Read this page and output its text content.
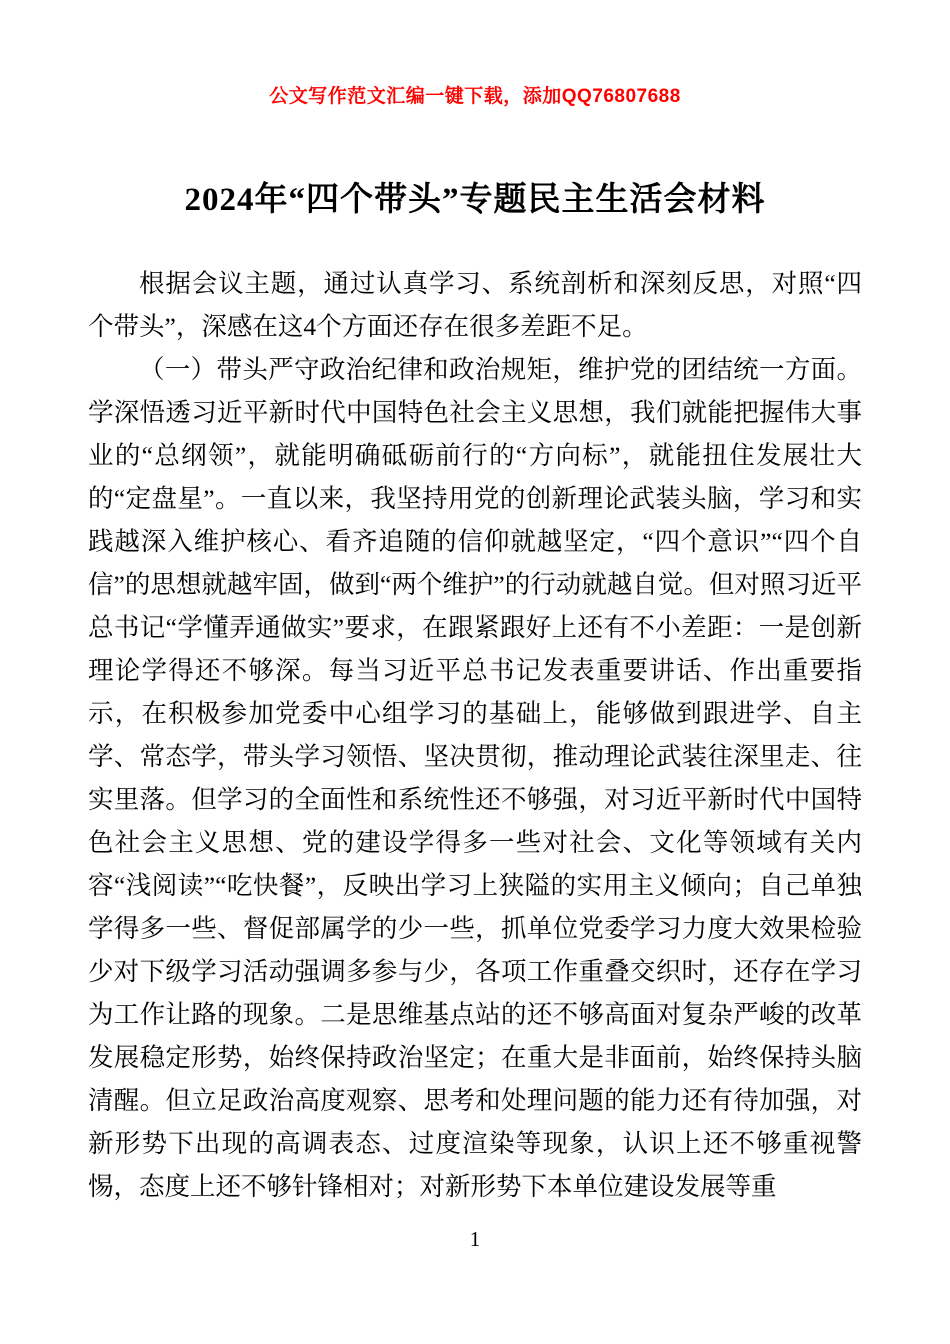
公文写作范文汇编一键下载，添加QQ76807688
2024年“四个带头”专题民主生活会材料

根据会议主题，通过认真学习、系统剖析和深刻反思，对照“四个带头”，深感在这4个方面还存在很多差距不足。

（一）带头严守政治纪律和政治规矩，维护党的团结统一方面。学深悟透习近平新时代中国特色社会主义思想，我们就能把握伟大事业的“总纲领”，就能明确砥砺前行的“方向标”，就能扭住发展壮大的“定盘星”。一直以来，我坚持用党的创新理论武装头脑，学习和实践越深入维护核心、看齐追随的信仰就越坚定，“四个意识”“四个自信”的思想就越牢固，做到“两个维护”的行动就越自觉。但对照习近平总书记“学懂弄通做实”要求，在跟紧跟好上还有不小差距：一是创新理论学得还不够深。每当习近平总书记发表重要讲话、作出重要指示，在积极参加党委中心组学习的基础上，能够做到跟进学、自主学、常态学，带头学习领悟、坚决贯彻，推动理论武装往深里走、往实里落。但学习的全面性和系统性还不够强，对习近平新时代中国特色社会主义思想、党的建设学得多一些对社会、文化等领域有关内容“浅阅读”“吃快餐”，反映出学习上狭隘的实用主义倾向；自己单独学得多一些、督促部属学的少一些，抓单位党委学习力度大效果检验少对下级学习活动强调多参与少，各项工作重叠交织时，还存在学习为工作让路的现象。二是思维基点站的还不够高面对复杂严峻的改革发展稳定形势，始终保持政治坚定；在重大是非面前，始终保持头脑清醒。但立足政治高度观察、思考和处理问题的能力还有待加强，对新形势下出现的高调表态、过度渲染等现象，认识上还不够重视警惕，态度上还不够针锋相对；对新形势下本单位建设发展等重

1
